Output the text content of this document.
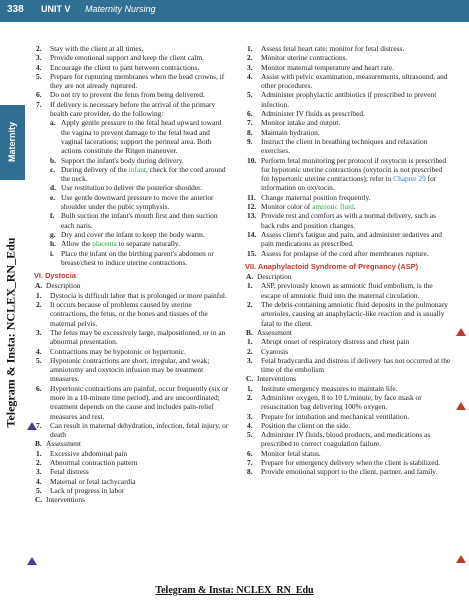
338 UNIT V Maternity Nursing
Maternity
Telegram & Insta: NCLEX_RN_Edu
2. Stay with the client at all times.
3. Provide emotional support and keep the client calm.
4. Encourage the client to pant between contractions.
5. Prepare for rupturing membranes when the head crowns, if they are not already ruptured.
6. Do not try to prevent the fetus from being delivered.
7. If delivery is necessary before the arrival of the primary health care provider, do the following:
a. Apply gentle pressure to the fetal head upward toward the vagina to prevent damage to the fetal head and vaginal lacerations; support the perineal area. Both actions constitute the Ritgen maneuver.
b. Support the infant's body during delivery.
c. During delivery of the infant, check for the cord around the neck.
d. Use restitution to deliver the posterior shoulder.
e. Use gentle downward pressure to move the anterior shoulder under the pubic symphysis.
f. Bulb suction the infant's mouth first and then suction each naris.
g. Dry and cover the infant to keep the body warm.
h. Allow the placenta to separate naturally.
i. Place the infant on the birthing parent's abdomen or breast/chest to induce uterine contractions.
VI. Dystocia
A. Description
1. Dystocia is difficult labor that is prolonged or more painful.
2. It occurs because of problems caused by uterine contractions, the fetus, or the bones and tissues of the maternal pelvis.
3. The fetus may be excessively large, malpositioned, or in an abnormal presentation.
4. Contractions may be hypotonic or hypertonic.
5. Hypotonic contractions are short, irregular, and weak; amniotomy and oxytocin infusion may be treatment measures.
6. Hypertonic contractions are painful, occur frequently (six or more in a 10-minute time period), and are uncoordinated; treatment depends on the cause and includes pain-relief measures and rest.
7. Can result in maternal dehydration, infection, fetal injury, or death
B. Assessment
1. Excessive abdominal pain
2. Abnormal contraction pattern
3. Fetal distress
4. Maternal or fetal tachycardia
5. Lack of progress in labor
C. Interventions
1. Assess fetal heart rate; monitor for fetal distress.
2. Monitor uterine contractions.
3. Monitor maternal temperature and heart rate.
4. Assist with pelvic examination, measurements, ultrasound, and other procedures.
5. Administer prophylactic antibiotics if prescribed to prevent infection.
6. Administer IV fluids as prescribed.
7. Monitor intake and output.
8. Maintain hydration.
9. Instruct the client in breathing techniques and relaxation exercises.
10. Perform fetal monitoring per protocol if oxytocin is prescribed for hypotonic uterine contractions (oxytocin is not prescribed for hypertonic uterine contractions); refer to Chapter 29 for information on oxytocin.
11. Change maternal position frequently.
12. Monitor color of amniotic fluid.
13. Provide rest and comfort as with a normal delivery, such as back rubs and position changes.
14. Assess client's fatigue and pain, and administer sedatives and pain medications as prescribed.
15. Assess for prolapse of the cord after membranes rupture.
VII. Anaphylactoid Syndrome of Pregnancy (ASP)
A. Description
1. ASP, previously known as amniotic fluid embolism, is the escape of amniotic fluid into the maternal circulation.
2. The debris-containing amniotic fluid deposits in the pulmonary arterioles, causing an anaphylactic-like reaction and is usually fatal to the client.
B. Assessment
1. Abrupt onset of respiratory distress and chest pain
2. Cyanosis
3. Fetal bradycardia and distress if delivery has not occurred at the time of the embolism
C. Interventions
1. Institute emergency measures to maintain life.
2. Administer oxygen, 8 to 10 L/minute, by face mask or resuscitation bag delivering 100% oxygen.
3. Prepare for intubation and mechanical ventilation.
4. Position the client on the side.
5. Administer IV fluids, blood products, and medications as prescribed to correct coagulation failure.
6. Monitor fetal status.
7. Prepare for emergency delivery when the client is stabilized.
8. Provide emotional support to the client, partner, and family.
Telegram & Insta: NCLEX_RN_Edu
